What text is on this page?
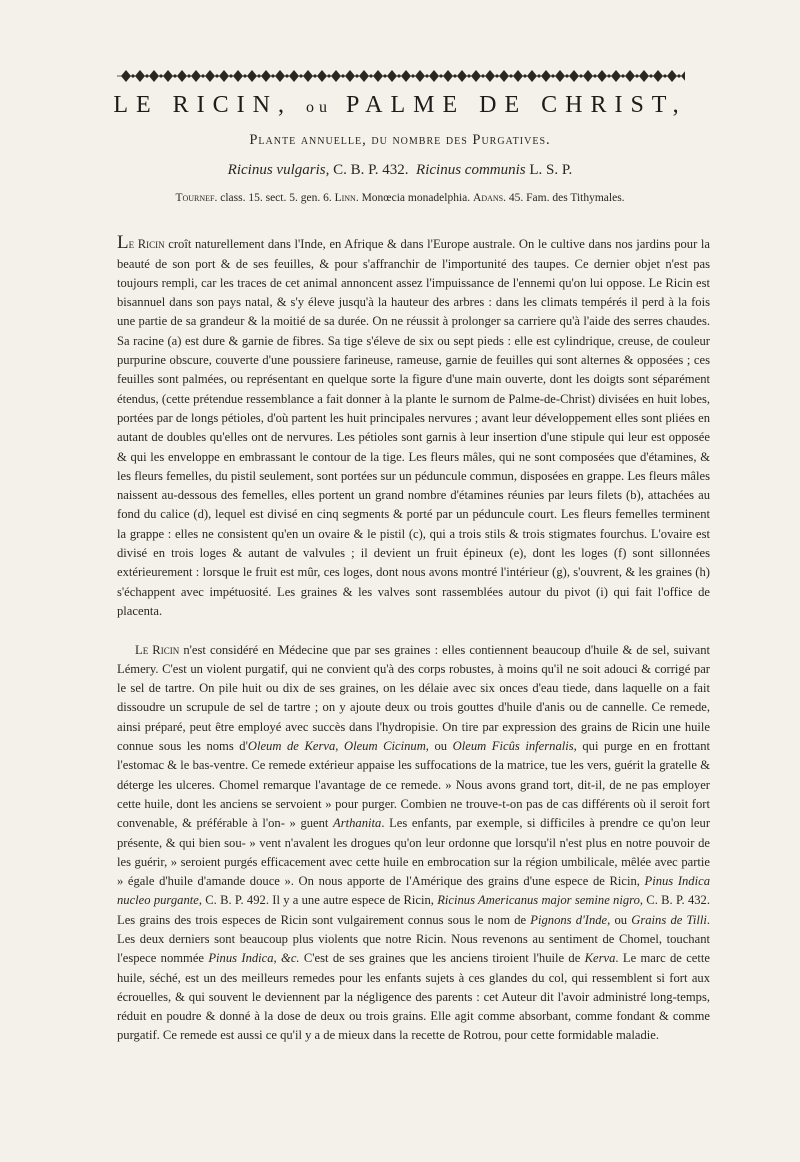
LE RICIN, ou PALME DE CHRIST,
Plante annuelle, du nombre des Purgatives.
Ricinus vulgaris, C. B. P. 432. Ricinus communis L. S. P.
Tournef. class. 15. sect. 5. gen. 6. Linn. Monœcia monadelphia. Adans. 45. Fam. des Tithymales.

Le Ricin croît naturellement dans l'Inde, en Afrique & dans l'Europe australe. On le cultive dans nos jardins pour la beauté de son port & de ses feuilles, & pour s'affranchir de l'importunité des taupes. Ce dernier objet n'est pas toujours rempli, car les traces de cet animal annoncent assez l'impuissance de l'ennemi qu'on lui oppose. Le Ricin est bisannuel dans son pays natal, & s'y éleve jusqu'à la hauteur des arbres : dans les climats tempérés il perd à la fois une partie de sa grandeur & la moitié de sa durée. On ne réussit à prolonger sa carriere qu'à l'aide des serres chaudes. Sa racine (a) est dure & garnie de fibres. Sa tige s'éleve de six ou sept pieds : elle est cylindrique, creuse, de couleur purpurine obscure, couverte d'une poussiere farineuse, rameuse, garnie de feuilles qui sont alternes & opposées ; ces feuilles sont palmées, ou représentant en quelque sorte la figure d'une main ouverte, dont les doigts sont séparément étendus, (cette prétendue ressemblance a fait donner à la plante le surnom de Palme-de-Christ) divisées en huit lobes, portées par de longs pétioles, d'où partent les huit principales nervures ; avant leur développement elles sont pliées en autant de doubles qu'elles ont de nervures. Les pétioles sont garnis à leur insertion d'une stipule qui leur est opposée & qui les enveloppe en embrassant le contour de la tige. Les fleurs mâles, qui ne sont composées que d'étamines, & les fleurs femelles, du pistil seulement, sont portées sur un péduncule commun, disposées en grappe. Les fleurs mâles naissent au-dessous des femelles, elles portent un grand nombre d'étamines réunies par leurs filets (b), attachées au fond du calice (d), lequel est divisé en cinq segments & porté par un péduncule court. Les fleurs femelles terminent la grappe : elles ne consistent qu'en un ovaire & le pistil (c), qui a trois stils & trois stigmates fourchus. L'ovaire est divisé en trois loges & autant de valvules ; il devient un fruit épineux (e), dont les loges (f) sont sillonnées extérieurement : lorsque le fruit est mûr, ces loges, dont nous avons montré l'intérieur (g), s'ouvrent, & les graines (h) s'échappent avec impétuosité. Les graines & les valves sont rassemblées autour du pivot (i) qui fait l'office de placenta.

Le Ricin n'est considéré en Médecine que par ses graines : elles contiennent beaucoup d'huile & de sel, suivant Lémery. C'est un violent purgatif, qui ne convient qu'à des corps robustes, à moins qu'il ne soit adouci & corrigé par le sel de tartre. On pile huit ou dix de ses graines, on les délaie avec six onces d'eau tiede, dans laquelle on a fait dissoudre un scrupule de sel de tartre ; on y ajoute deux ou trois gouttes d'huile d'anis ou de cannelle. Ce remede, ainsi préparé, peut être employé avec succès dans l'hydropisie. On tire par expression des grains de Ricin une huile connue sous les noms d'Oleum de Kerva, Oleum Cicinum, ou Oleum Ficûs infernalis, qui purge en en frottant l'estomac & le bas-ventre. Ce remede extérieur appaise les suffocations de la matrice, tue les vers, guérit la gratelle & déterge les ulceres. Chomel remarque l'avantage de ce remede. » Nous avons grand tort, dit-il, de ne pas employer cette huile, dont les anciens se servoient » pour purger. Combien ne trouve-t-on pas de cas différents où il seroit fort convenable, & préférable à l'on- » guent Arthanita. Les enfants, par exemple, si difficiles à prendre ce qu'on leur présente, & qui bien sou- » vent n'avalent les drogues qu'on leur ordonne que lorsqu'il n'est plus en notre pouvoir de les guérir, » seroient purgés efficacement avec cette huile en embrocation sur la région umbilicale, mêlée avec partie » égale d'huile d'amande douce ». On nous apporte de l'Amérique des grains d'une espece de Ricin, Pinus Indica nucleo purgante, C. B. P. 492. Il y a une autre espece de Ricin, Ricinus Americanus major semine nigro, C. B. P. 432. Les grains des trois especes de Ricin sont vulgairement connus sous le nom de Pignons d'Inde, ou Grains de Tilli. Les deux derniers sont beaucoup plus violents que notre Ricin. Nous revenons au sentiment de Chomel, touchant l'espece nommée Pinus Indica, &c. C'est de ses graines que les anciens tiroient l'huile de Kerva. Le marc de cette huile, séché, est un des meilleurs remedes pour les enfants sujets à ces glandes du col, qui ressemblent si fort aux écrouelles, & qui souvent le deviennent par la négligence des parents : cet Auteur dit l'avoir administré long-temps, réduit en poudre & donné à la dose de deux ou trois grains. Elle agit comme absorbant, comme fondant & comme purgatif. Ce remede est aussi ce qu'il y a de mieux dans la recette de Rotrou, pour cette formidable maladie.
